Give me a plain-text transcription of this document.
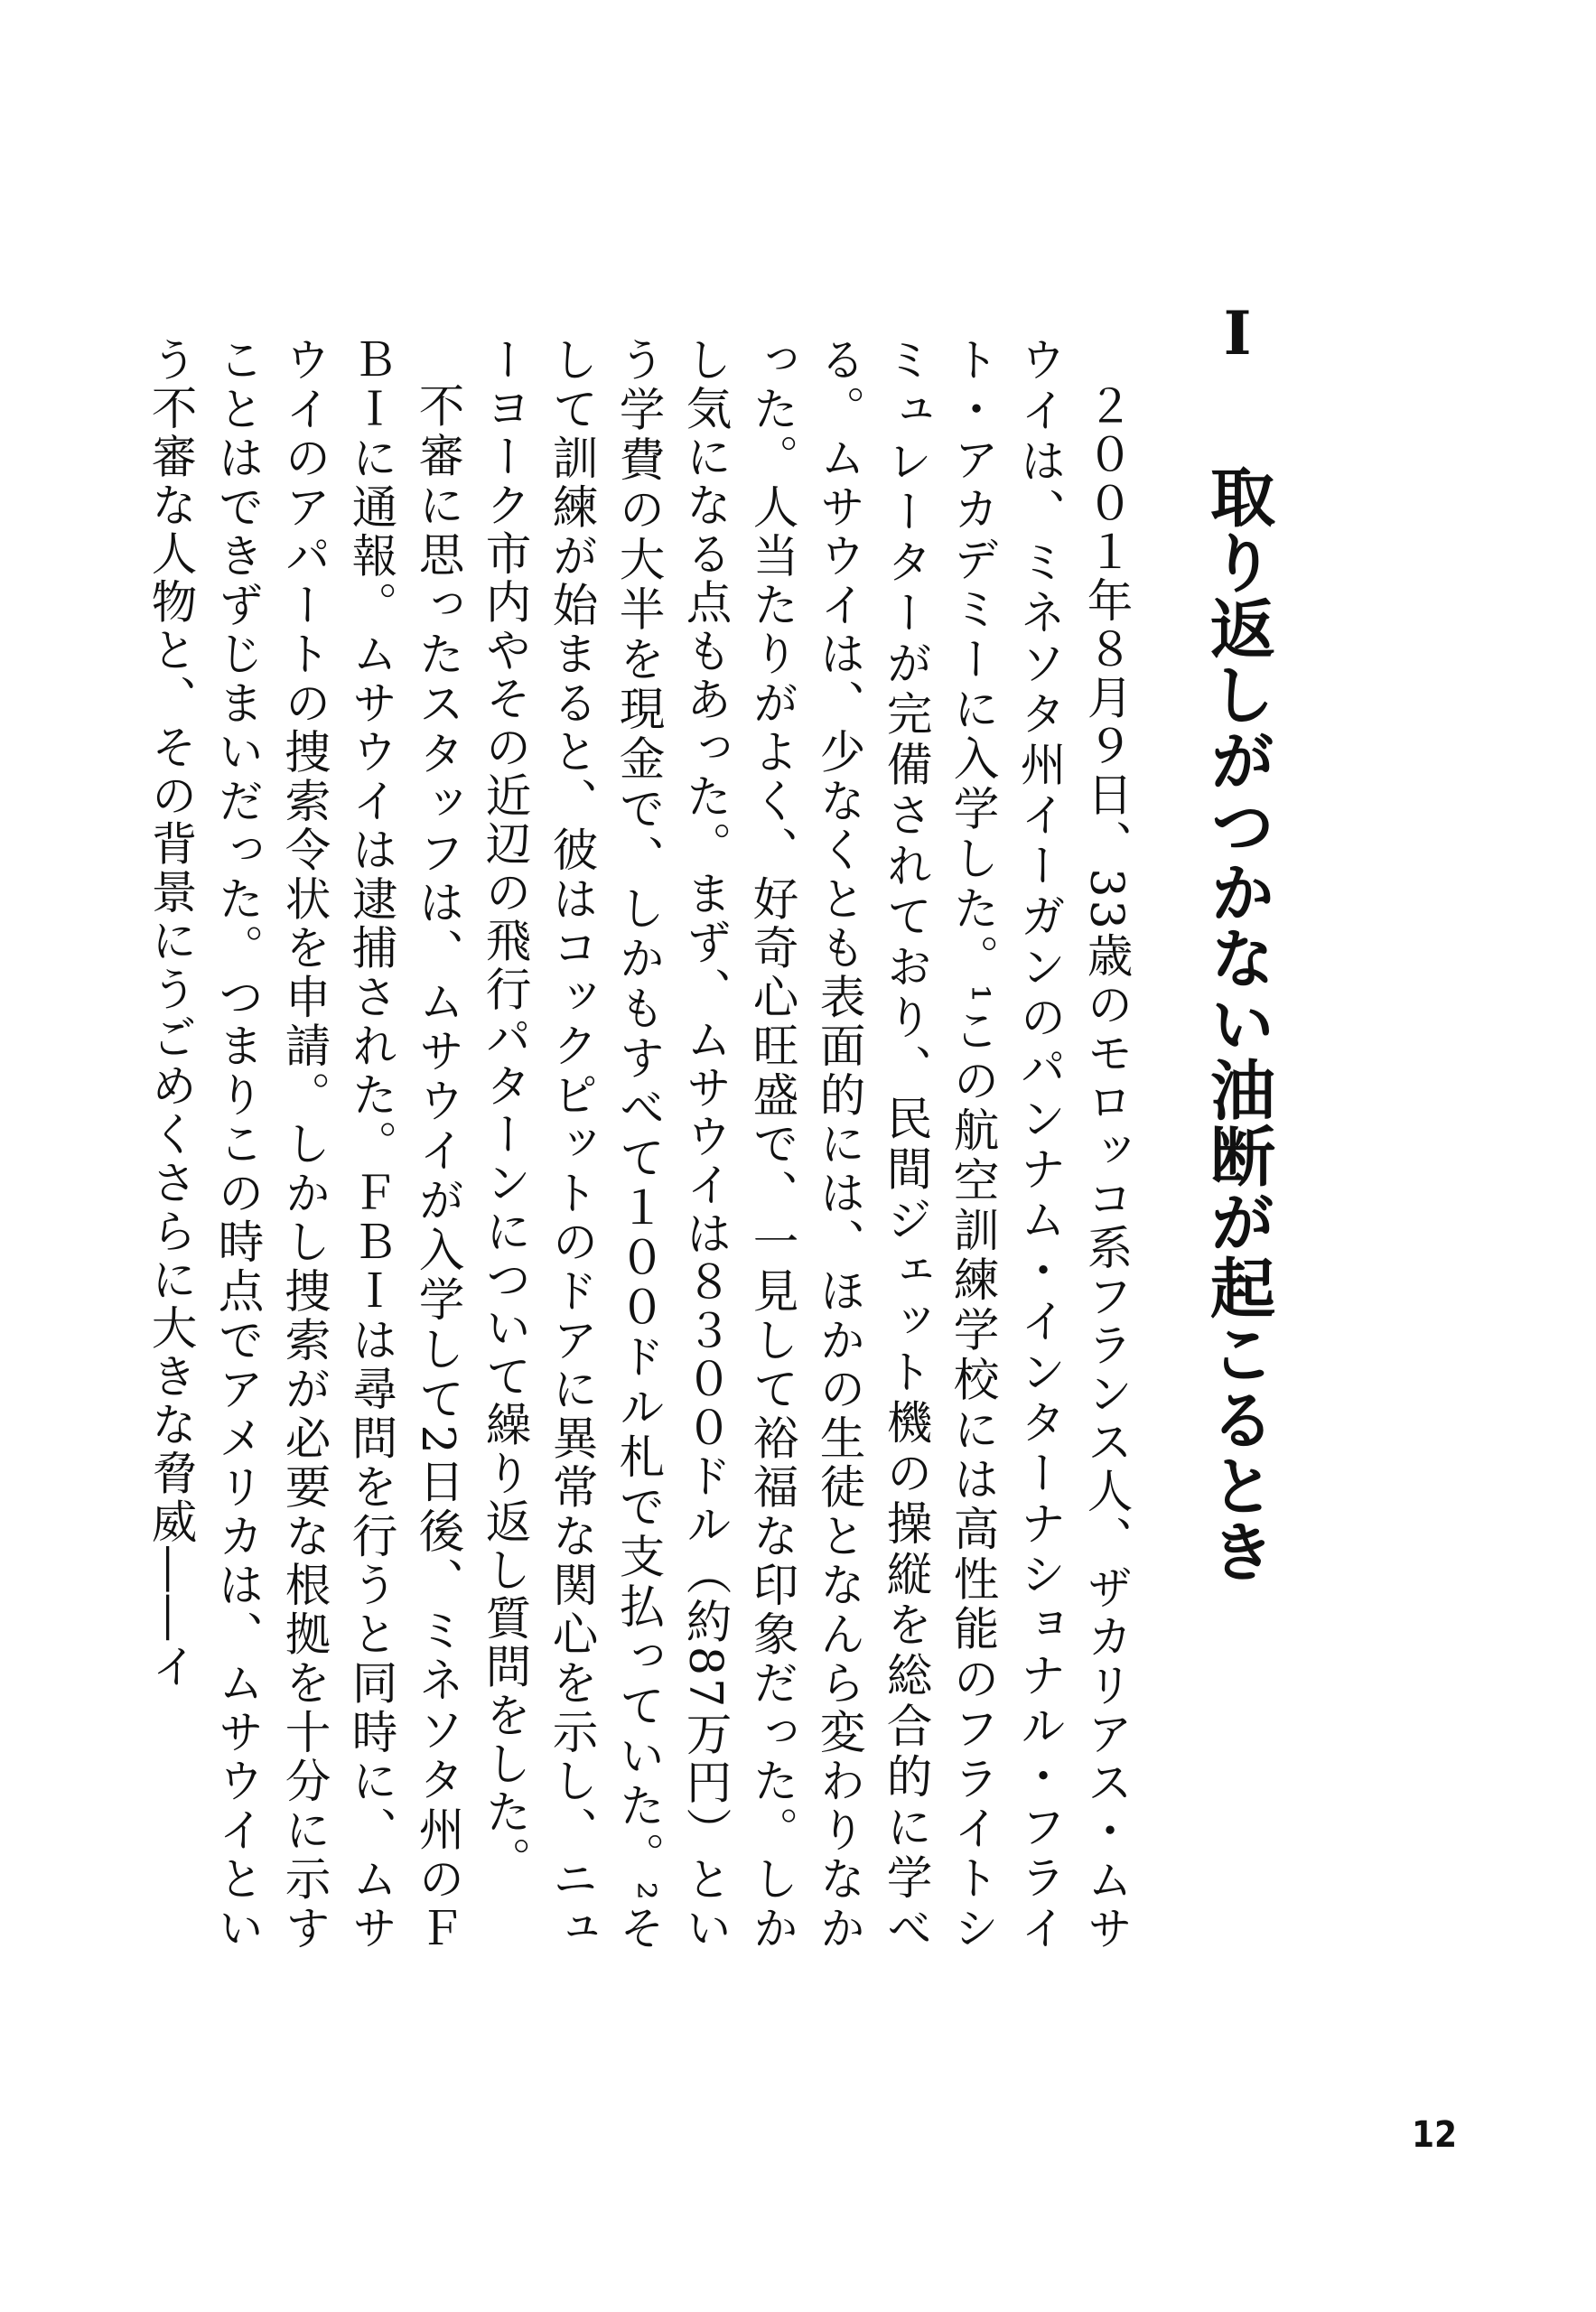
Ⅰ取り返しがつかない油断が起こるとき

２００１年８月９日、33歳のモロッコ系フランス人、ザカリアス・ムサウイは、ミネソタ州イーガンのパンナム・インターナショナル・フライト・アカデミーに入学した。¹この航空訓練学校には高性能のフライトシミュレーターが完備されており、民間ジェット機の操縦を総合的に学べる。ムサウイは、少なくとも表面的には、ほかの生徒となんら変わりなかった。人当たりがよく、好奇心旺盛で、一見して裕福な印象だった。しかし気になる点もあった。まず、ムサウイは８３００ドル（約87万円）という学費の大半を現金で、しかもすべて１００ドル札で支払っていた。²そして訓練が始まると、彼はコックピットのドアに異常な関心を示し、ニューヨーク市内やその近辺の飛行パターンについて繰り返し質問をした。

不審に思ったスタッフは、ムサウイが入学して2日後、ミネソタ州のＦＢＩに通報。ムサウイは逮捕された。ＦＢＩは尋問を行うと同時に、ムサウイのアパートの捜索令状を申請。しかし捜索が必要な根拠を十分に示すことはできずじまいだった。つまりこの時点でアメリカは、ムサウイという不審な人物と、その背景にうごめくさらに大きな脅威――イ

12
